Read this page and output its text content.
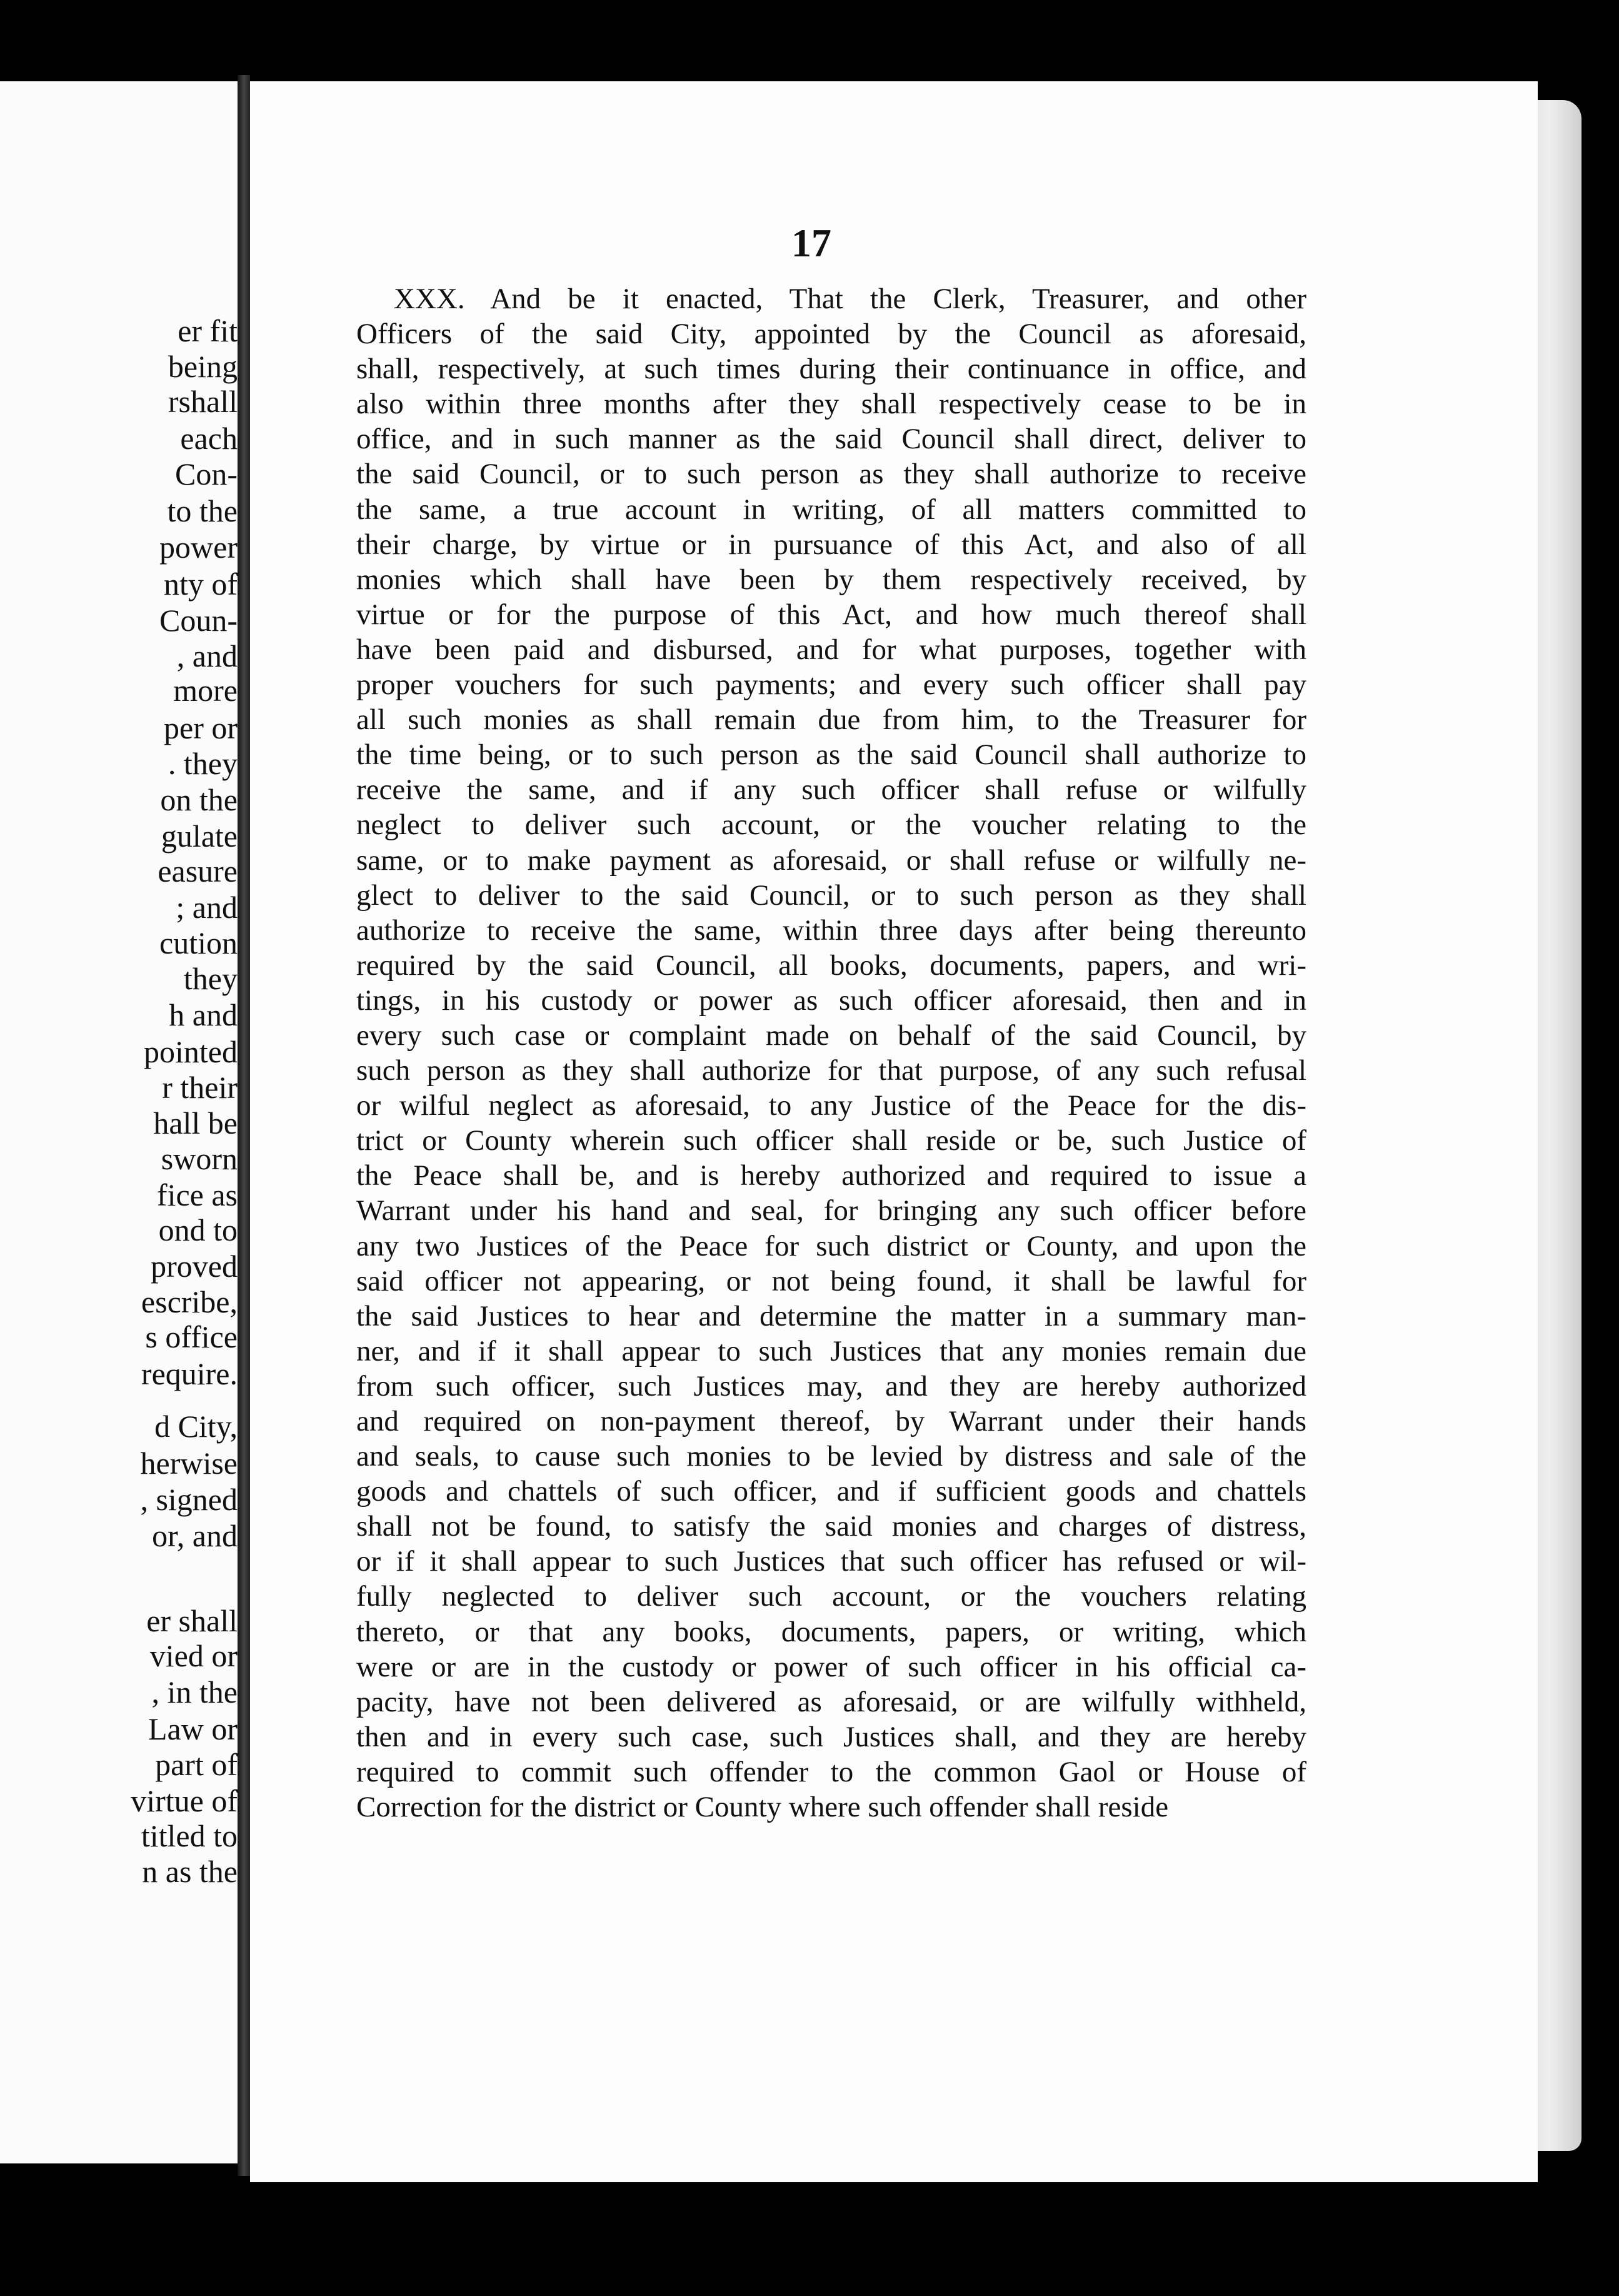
er fit
being
rshall
each
Con-
to the
power
nty of
Coun-
, and
more
per or
. they
on the
gulate
easure
; and
cution
they
h and
pointed
r their
hall be
sworn
fice as
ond to
proved
escribe,
s office
require.
d City,
herwise
, signed
or, and
er shall
vied or
, in the
Law or
part of
virtue of
titled to
n as the
17
XXX. And be it enacted, That the Clerk, Treasurer, and other
Officers of the said City, appointed by the Council as aforesaid,
shall, respectively, at such times during their continuance in office, and
also within three months after they shall respectively cease to be in
office, and in such manner as the said Council shall direct, deliver to
the said Council, or to such person as they shall authorize to receive
the same, a true account in writing, of all matters committed to
their charge, by virtue or in pursuance of this Act, and also of all
monies which shall have been by them respectively received, by
virtue or for the purpose of this Act, and how much thereof shall
have been paid and disbursed, and for what purposes, together with
proper vouchers for such payments; and every such officer shall pay
all such monies as shall remain due from him, to the Treasurer for
the time being, or to such person as the said Council shall authorize to
receive the same, and if any such officer shall refuse or wilfully
neglect to deliver such account, or the voucher relating to the
same, or to make payment as aforesaid, or shall refuse or wilfully ne-
glect to deliver to the said Council, or to such person as they shall
authorize to receive the same, within three days after being thereunto
required by the said Council, all books, documents, papers, and wri-
tings, in his custody or power as such officer aforesaid, then and in
every such case or complaint made on behalf of the said Council, by
such person as they shall authorize for that purpose, of any such refusal
or wilful neglect as aforesaid, to any Justice of the Peace for the dis-
trict or County wherein such officer shall reside or be, such Justice of
the Peace shall be, and is hereby authorized and required to issue a
Warrant under his hand and seal, for bringing any such officer before
any two Justices of the Peace for such district or County, and upon the
said officer not appearing, or not being found, it shall be lawful for
the said Justices to hear and determine the matter in a summary man-
ner, and if it shall appear to such Justices that any monies remain due
from such officer, such Justices may, and they are hereby authorized
and required on non-payment thereof, by Warrant under their hands
and seals, to cause such monies to be levied by distress and sale of the
goods and chattels of such officer, and if sufficient goods and chattels
shall not be found, to satisfy the said monies and charges of distress,
or if it shall appear to such Justices that such officer has refused or wil-
fully neglected to deliver such account, or the vouchers relating
thereto, or that any books, documents, papers, or writing, which
were or are in the custody or power of such officer in his official ca-
pacity, have not been delivered as aforesaid, or are wilfully withheld,
then and in every such case, such Justices shall, and they are hereby
required to commit such offender to the common Gaol or House of
Correction for the district or County where such offender shall reside
